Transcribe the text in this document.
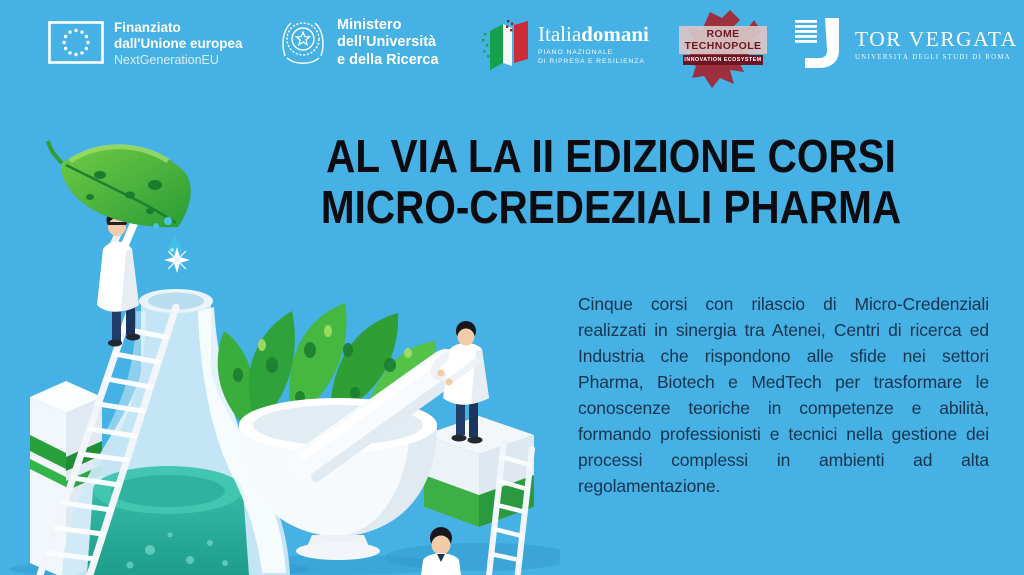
Finanziato
dall'Unione europea
NextGenerationEU
Ministero
dell’Università
e della Ricerca
Italiadomani
PIANO NAZIONALE
DI RIPRESA E RESILIENZA
ROME
TECHNOPOLE
INNOVATION ECOSYSTEM
TOR VERGATA
UNIVERSITÀ DEGLI STUDI DI ROMA
AL VIA LA II EDIZIONE CORSI
MICRO-CREDEZIALI PHARMA

Cinque corsi con rilascio di Micro-Credenziali realizzati in sinergia tra Atenei, Centri di ricerca ed Industria che rispondono alle sfide nei settori Pharma, Biotech e MedTech per trasformare le conoscenze teoriche in competenze e abilità, formando professionisti e tecnici nella gestione dei processi complessi in ambienti ad alta regolamentazione.
